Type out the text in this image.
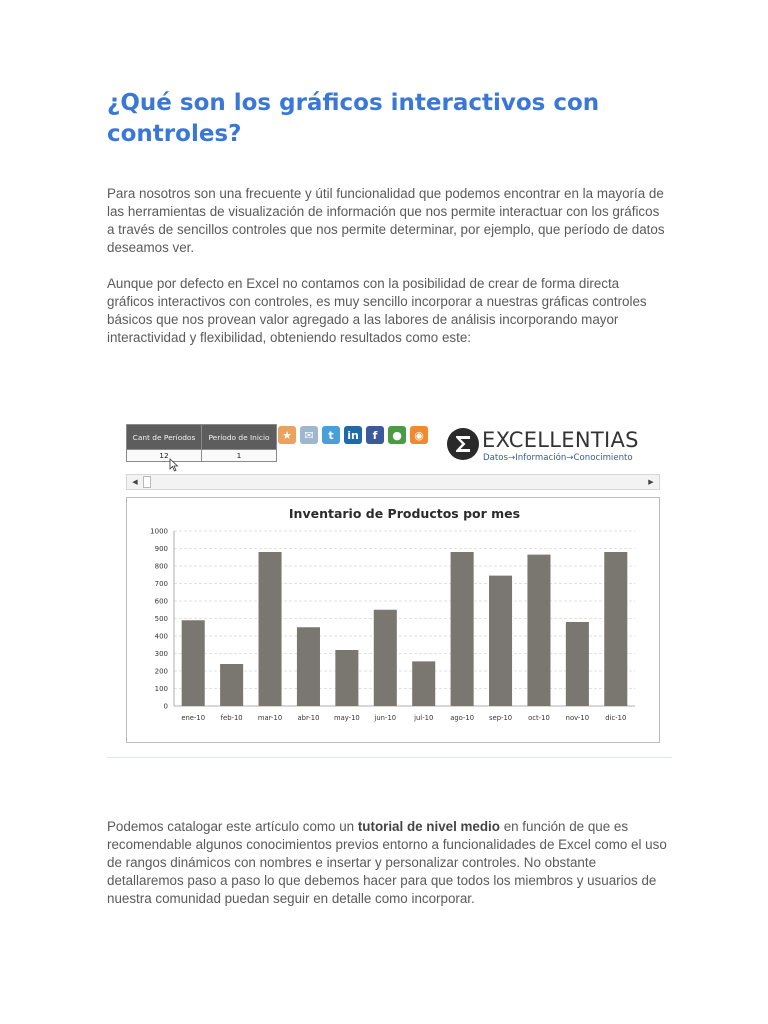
¿Qué son los gráficos interactivos con controles?

Para nosotros son una frecuente y útil funcionalidad que podemos encontrar en la mayoría de las herramientas de visualización de información que nos permite interactuar con los gráficos a través de sencillos controles que nos permite determinar, por ejemplo, que período de datos deseamos ver.

Aunque por defecto en Excel no contamos con la posibilidad de crear de forma directa gráficos interactivos con controles, es muy sencillo incorporar a nuestras gráficas controles básicos que nos provean valor agregado a las labores de análisis incorporando mayor interactividad y flexibilidad, obteniendo resultados como este:

Cant de Períodos	Período de Inicio
12	1
★	✉	t	in	f	●	◉	EXCELLENTIAS
Datos→Información→Conocimiento
◀	▶
Inventario de Productos por mes
0
100
200
300
400
500
600
700
800
900
1000
ene-10 feb-10 mar-10 abr-10 may-10 jun-10	jul-10 ago-10 sep-10 oct-10 nov-10 dic-10

Podemos catalogar este artículo como un tutorial de nivel medio en función de que es recomendable algunos conocimientos previos entorno a funcionalidades de Excel como el uso de rangos dinámicos con nombres e insertar y personalizar controles. No obstante detallaremos paso a paso lo que debemos hacer para que todos los miembros y usuarios de nuestra comunidad puedan seguir en detalle como incorporar.
